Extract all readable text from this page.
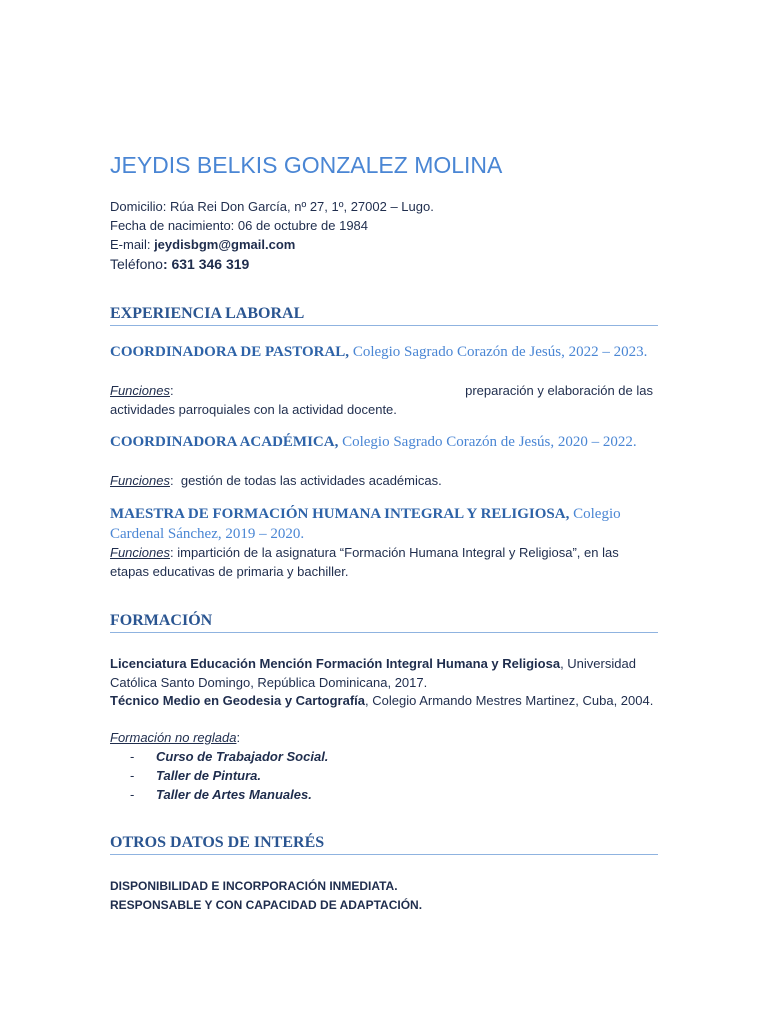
JEYDIS BELKIS GONZALEZ MOLINA
Domicilio: Rúa Rei Don García, nº 27, 1º, 27002 – Lugo.
Fecha de nacimiento: 06 de octubre de 1984
E-mail: jeydisbgm@gmail.com
Teléfono: 631 346 319
EXPERIENCIA LABORAL
COORDINADORA DE PASTORAL, Colegio Sagrado Corazón de Jesús, 2022 – 2023.
Funciones:	preparación y elaboración de las
actividades parroquiales con la actividad docente.
COORDINADORA ACADÉMICA, Colegio Sagrado Corazón de Jesús, 2020 – 2022.
Funciones:  gestión de todas las actividades académicas.
MAESTRA DE FORMACIÓN HUMANA INTEGRAL Y RELIGIOSA, Colegio Cardenal Sánchez, 2019 – 2020.
Funciones: impartición de la asignatura “Formación Humana Integral y Religiosa”, en las etapas educativas de primaria y bachiller.
FORMACIÓN
Licenciatura Educación Mención Formación Integral Humana y Religiosa, Universidad Católica Santo Domingo, República Dominicana, 2017.
Técnico Medio en Geodesia y Cartografía, Colegio Armando Mestres Martinez, Cuba, 2004.
Formación no reglada:
- Curso de Trabajador Social.
- Taller de Pintura.
- Taller de Artes Manuales.
OTROS DATOS DE INTERÉS
DISPONIBILIDAD E INCORPORACIÓN INMEDIATA.
RESPONSABLE Y CON CAPACIDAD DE ADAPTACIÓN.
